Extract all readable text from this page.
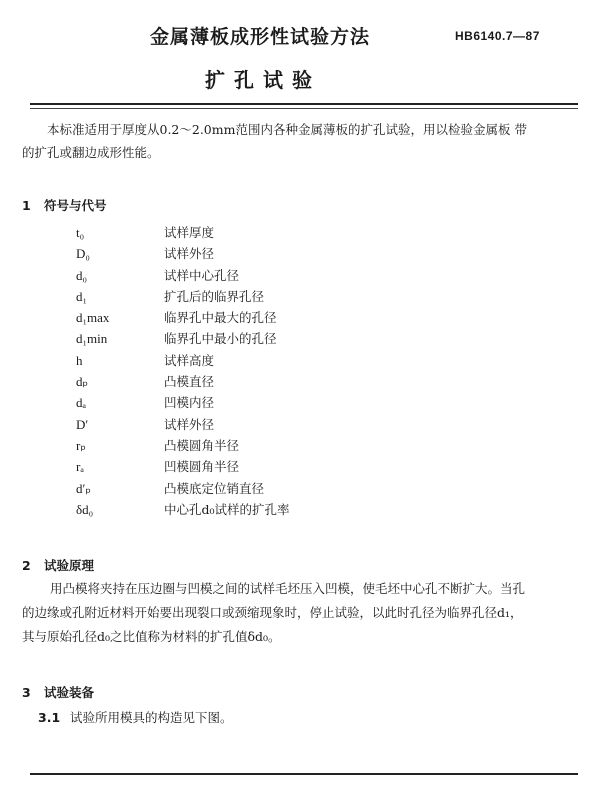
金属薄板成形性试验方法	HB6140.7—87
扩孔试验
本标准适用于厚度从0.2～2.0mm范围内各种金属薄板的扩孔试验，用以检验金属板 带
的扩孔或翻边成形性能。
1 符号与代号
t₀	试样厚度
D₀	试样外径
d₀	试样中心孔径
d₁	扩孔后的临界孔径
d₁max	临界孔中最大的孔径
d₁min	临界孔中最小的孔径
h	试样高度
dₚ	凸模直径
dₐ	凹模内径
D′	试样外径
rₚ	凸模圆角半径
rₐ	凹模圆角半径
d′ₚ	凸模底定位销直径
δd₀	中心孔d₀试样的扩孔率
2 试验原理
用凸模将夹持在压边圈与凹模之间的试样毛坯压入凹模，使毛坯中心孔不断扩大。当孔
的边缘或孔附近材料开始要出现裂口或颈缩现象时，停止试验，以此时孔径为临界孔径d₁，
其与原始孔径d₀之比值称为材料的扩孔值δd₀。
3 试验装备
3.1 试验所用模具的构造见下图。
